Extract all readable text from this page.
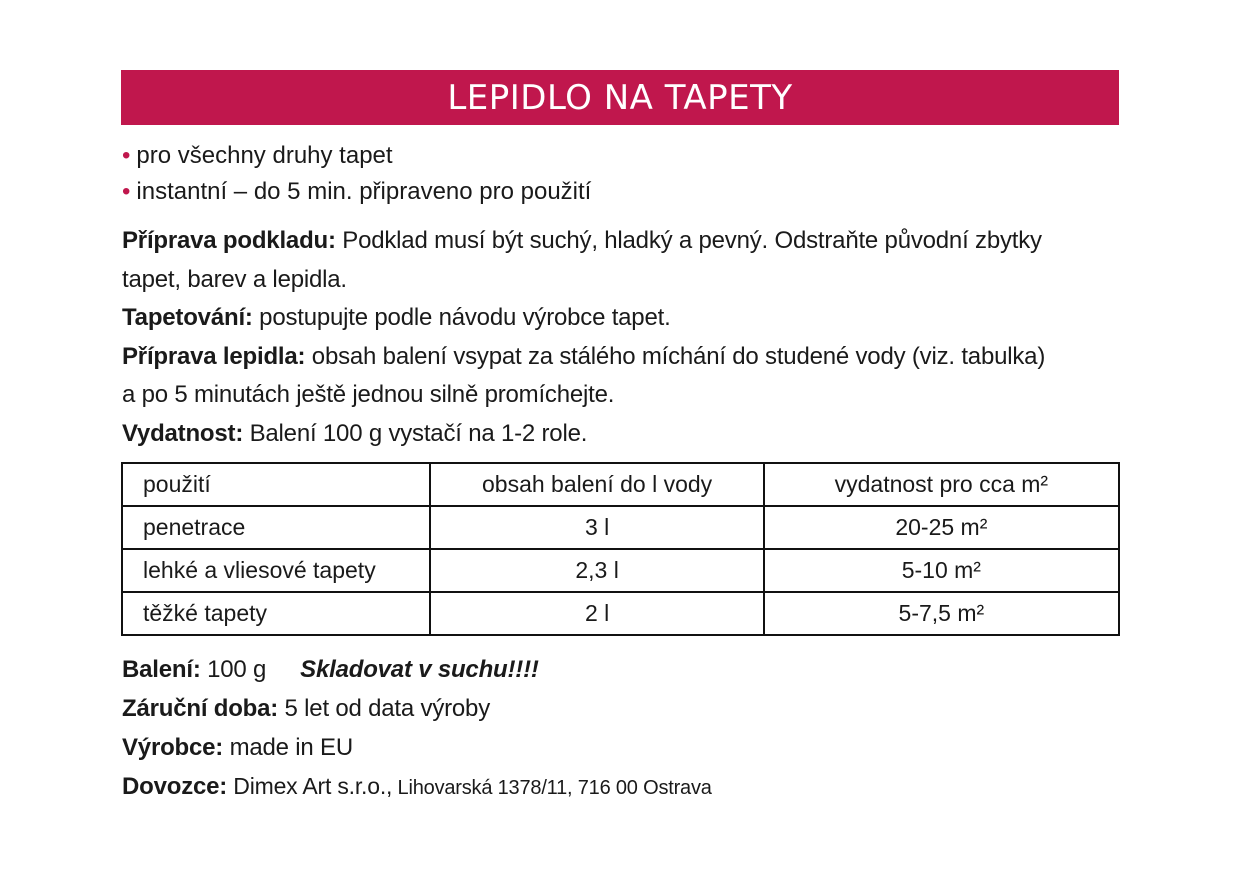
LEPIDLO NA TAPETY
• pro všechny druhy tapet
• instantní – do 5 min. připraveno pro použití

Příprava podkladu: Podklad musí být suchý, hladký a pevný. Odstraňte původní zbytky

tapet, barev a lepidla.

Tapetování: postupujte podle návodu výrobce tapet.

Příprava lepidla: obsah balení vsypat za stálého míchání do studené vody (viz. tabulka)

a po 5 minutách ještě jednou silně promíchejte.

Vydatnost: Balení 100 g vystačí na 1-2 role.

použití	obsah balení do l vody	vydatnost pro cca m²
penetrace	3 l	20-25 m²
lehké a vliesové tapety	2,3 l	5-10 m²
těžké tapety	2 l	5-7,5 m²

Balení: 100 g Skladovat v suchu!!!!

Záruční doba: 5 let od data výroby

Výrobce: made in EU

Dovozce: Dimex Art s.r.o., Lihovarská 1378/11, 716 00 Ostrava
